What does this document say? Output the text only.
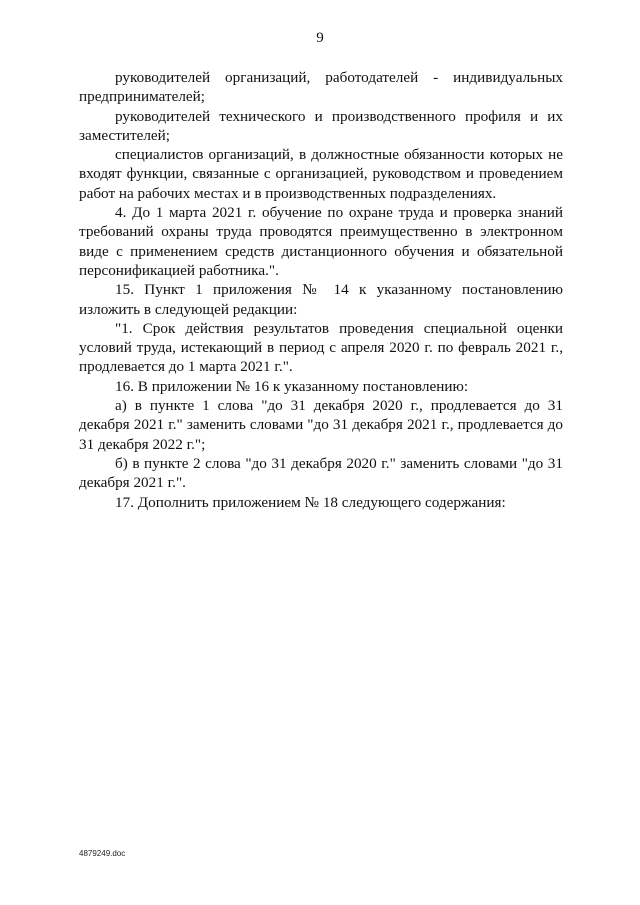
9

руководителей организаций, работодателей - индивидуальных предпринимателей;

руководителей технического и производственного профиля и их заместителей;

специалистов организаций, в должностные обязанности которых не входят функции, связанные с организацией, руководством и проведением работ на рабочих местах и в производственных подразделениях.

4. До 1 марта 2021 г. обучение по охране труда и проверка знаний требований охраны труда проводятся преимущественно в электронном виде с применением средств дистанционного обучения и обязательной персонификацией работника.".

15. Пункт 1 приложения № 14 к указанному постановлению изложить в следующей редакции:

"1. Срок действия результатов проведения специальной оценки условий труда, истекающий в период с апреля 2020 г. по февраль 2021 г., продлевается до 1 марта 2021 г.".

16. В приложении № 16 к указанному постановлению:

а) в пункте 1 слова "до 31 декабря 2020 г., продлевается до 31 декабря 2021 г." заменить словами "до 31 декабря 2021 г., продлевается до 31 декабря 2022 г.";

б) в пункте 2 слова "до 31 декабря 2020 г." заменить словами "до 31 декабря 2021 г.".

17. Дополнить приложением № 18 следующего содержания:

4879249.doc
